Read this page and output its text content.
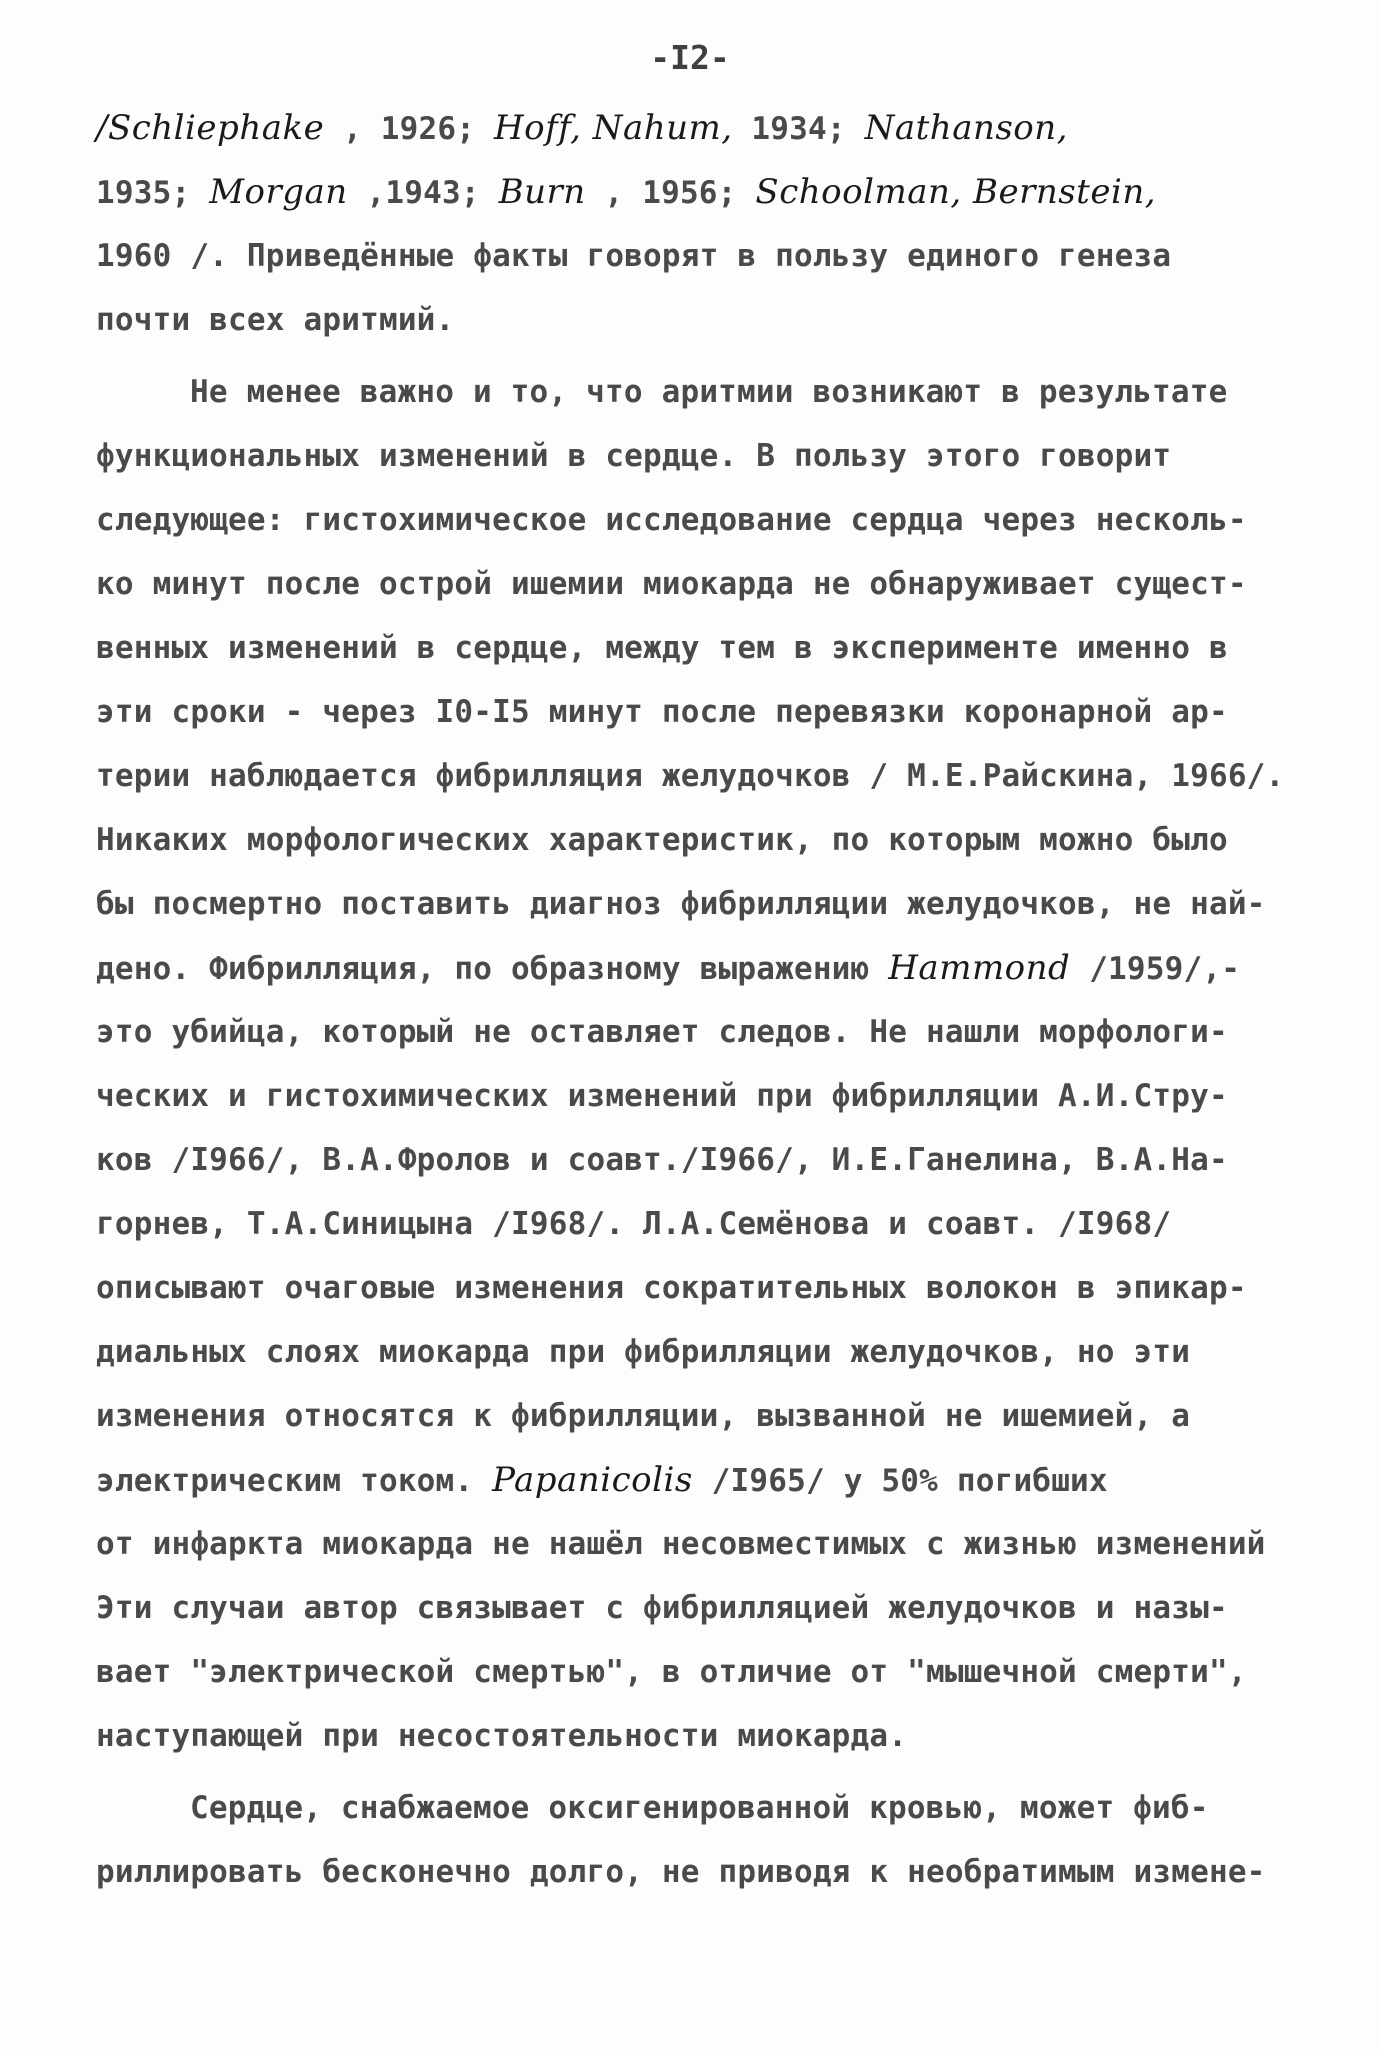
-I2-
/Schliephake , 1926; Hoff, Nahum, 1934; Nathanson,
1935; Morgan ,1943; Burn , 1956; Schoolman, Bernstein,
1960 /. Приведённые факты говорят в пользу единого генеза
почти всех аритмий.
Не менее важно и то, что аритмии возникают в результате
функциональных изменений в сердце. В пользу этого говорит
следующее: гистохимическое исследование сердца через несколь-
ко минут после острой ишемии миокарда не обнаруживает сущест-
венных изменений в сердце, между тем в эксперименте именно в
эти сроки - через I0-I5 минут после перевязки коронарной ар-
терии наблюдается фибрилляция желудочков / М.Е.Райскина, 1966/.
Никаких морфологических характеристик, по которым можно было
бы посмертно поставить диагноз фибрилляции желудочков, не най-
дено. Фибрилляция, по образному выражению Hammond /1959/,-
это убийца, который не оставляет следов. Не нашли морфологи-
ческих и гистохимических изменений при фибрилляции А.И.Стру-
ков /I966/, В.А.Фролов и соавт./I966/, И.Е.Ганелина, В.А.На-
горнев, Т.А.Синицына /I968/. Л.А.Семёнова и соавт. /I968/
описывают очаговые изменения сократительных волокон в эпикар-
диальных слоях миокарда при фибрилляции желудочков, но эти
изменения относятся к фибрилляции, вызванной не ишемией, а
электрическим током. Papanicolis /I965/ у 50% погибших
от инфаркта миокарда не нашёл несовместимых с жизнью изменений
Эти случаи автор связывает с фибрилляцией желудочков и назы-
вает "электрической смертью", в отличие от "мышечной смерти",
наступающей при несостоятельности миокарда.
Сердце, снабжаемое оксигенированной кровью, может фиб-
риллировать бесконечно долго, не приводя к необратимым измене-
